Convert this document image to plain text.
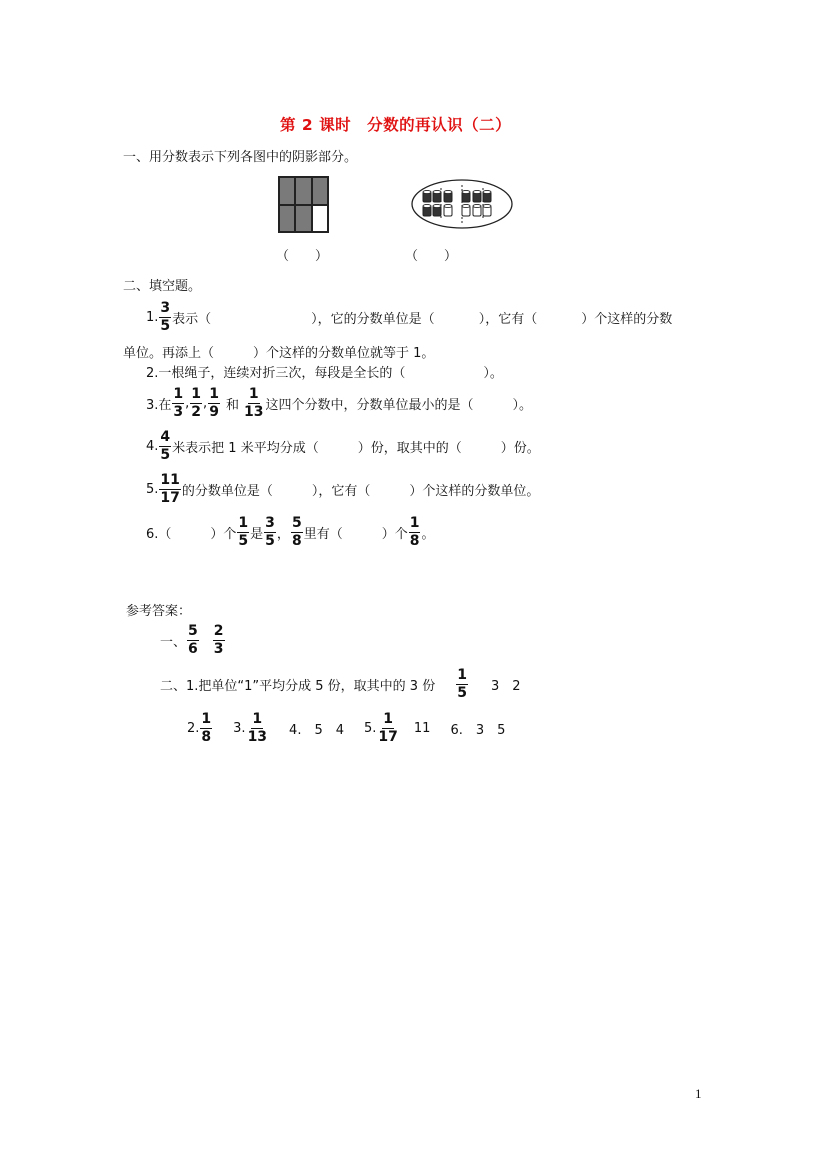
第 2 课时　分数的再认识（二）
一、用分数表示下列各图中的阴影部分。
（　　）	（　　）
二、填空题。
1. $\frac{3}{5}$ 表示（	），它的分数单位是（	），它有（	）个这样的分数
单位。再添上（　　　）个这样的分数单位就等于 1。
2.一根绳子，连续对折三次，每段是全长的（　　　　　　）。
3.在 $\frac{1}{3}$ , $\frac{1}{2}$ , $\frac{1}{9}$ 和 $\frac{1}{13}$ 这四个分数中，分数单位最小的是（　　　）。
4. $\frac{4}{5}$ 米表示把 1 米平均分成（　　　）份，取其中的（　　　）份。
5. $\frac{11}{17}$ 的分数单位是（　　　），它有（　　　）个这样的分数单位。
6.（　　　）个 $\frac{1}{5}$ 是 $\frac{3}{5}$ ， $\frac{5}{8}$ 里有（　　　）个 $\frac{1}{8}$ 。
参考答案：
一、 $\frac{5}{6} \frac{2}{3}$
二、1.把单位“1”平均分成 5 份，取其中的 3 份 $\frac{1}{5} 3$　2
2. $\frac{1}{8} 3$. $\frac{1}{13} 4$.　5　4 5. $\frac{1}{17} 11$ 6.　3　5
1
